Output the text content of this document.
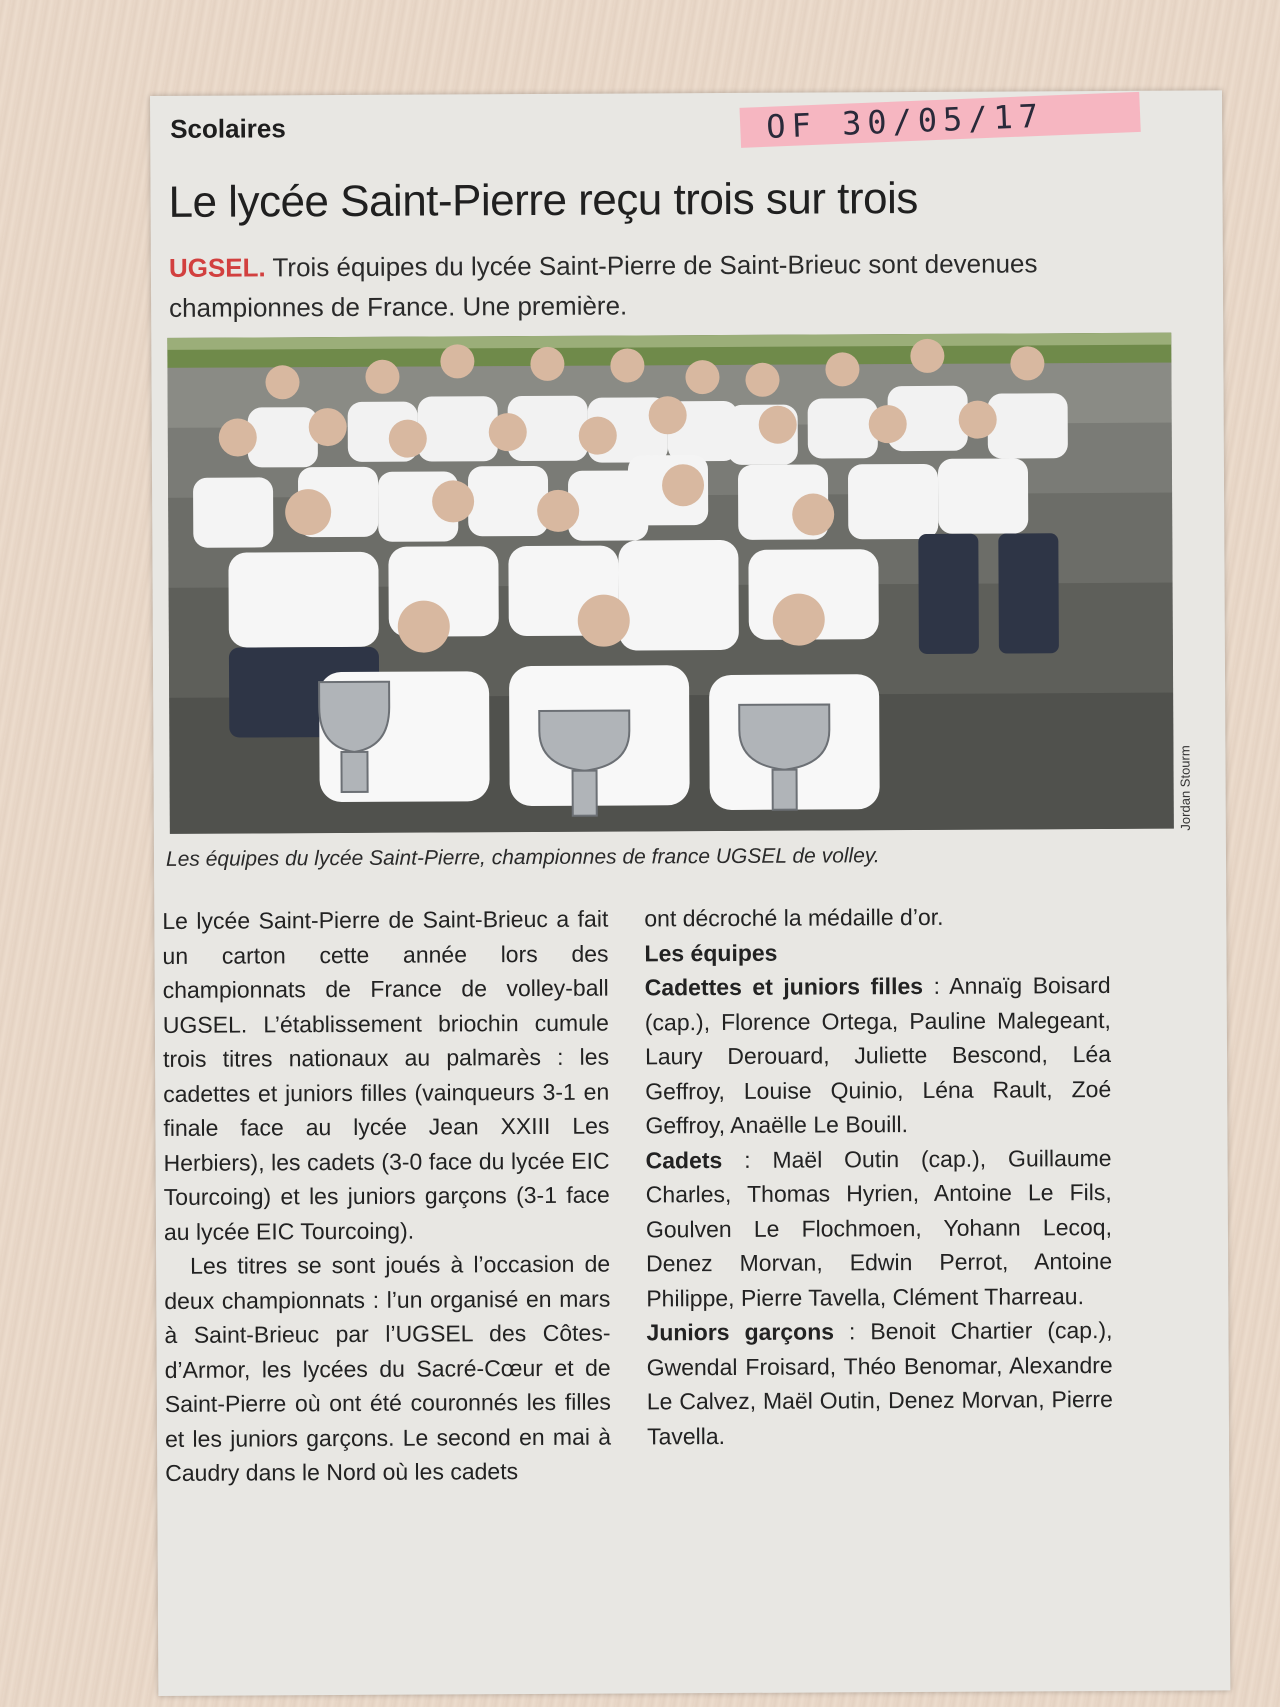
Scolaires	OF 30/05/17
Le lycée Saint-Pierre reçu trois sur trois
UGSEL. Trois équipes du lycée Saint-Pierre de Saint-Brieuc sont devenues championnes de France. Une première.
Jordan Stourm
Les équipes du lycée Saint-Pierre, championnes de france UGSEL de volley.

Le lycée Saint-Pierre de Saint-Brieuc a fait un carton cette année lors des championnats de France de volley-ball UGSEL. L’établissement briochin cumule trois titres nationaux au palmarès : les cadettes et juniors filles (vainqueurs 3-1 en finale face au lycée Jean XXIII Les Herbiers), les cadets (3-0 face du lycée EIC Tourcoing) et les juniors garçons (3-1 face au lycée EIC Tourcoing).

Les titres se sont joués à l’occasion de deux championnats : l’un organisé en mars à Saint-Brieuc par l’UGSEL des Côtes-d’Armor, les lycées du Sacré-Cœur et de Saint-Pierre où ont été couronnés les filles et les juniors garçons. Le second en mai à Caudry dans le Nord où les cadets

ont décroché la médaille d’or.

Les équipes

Cadettes et juniors filles : Annaïg Boisard (cap.), Florence Ortega, Pauline Malegeant, Laury Derouard, Juliette Bescond, Léa Geffroy, Louise Quinio, Léna Rault, Zoé Geffroy, Anaëlle Le Bouill.

Cadets : Maël Outin (cap.), Guillaume Charles, Thomas Hyrien, Antoine Le Fils, Goulven Le Flochmoen, Yohann Lecoq, Denez Morvan, Edwin Perrot, Antoine Philippe, Pierre Tavella, Clément Tharreau.

Juniors garçons : Benoit Chartier (cap.), Gwendal Froisard, Théo Benomar, Alexandre Le Calvez, Maël Outin, Denez Morvan, Pierre Tavella.
